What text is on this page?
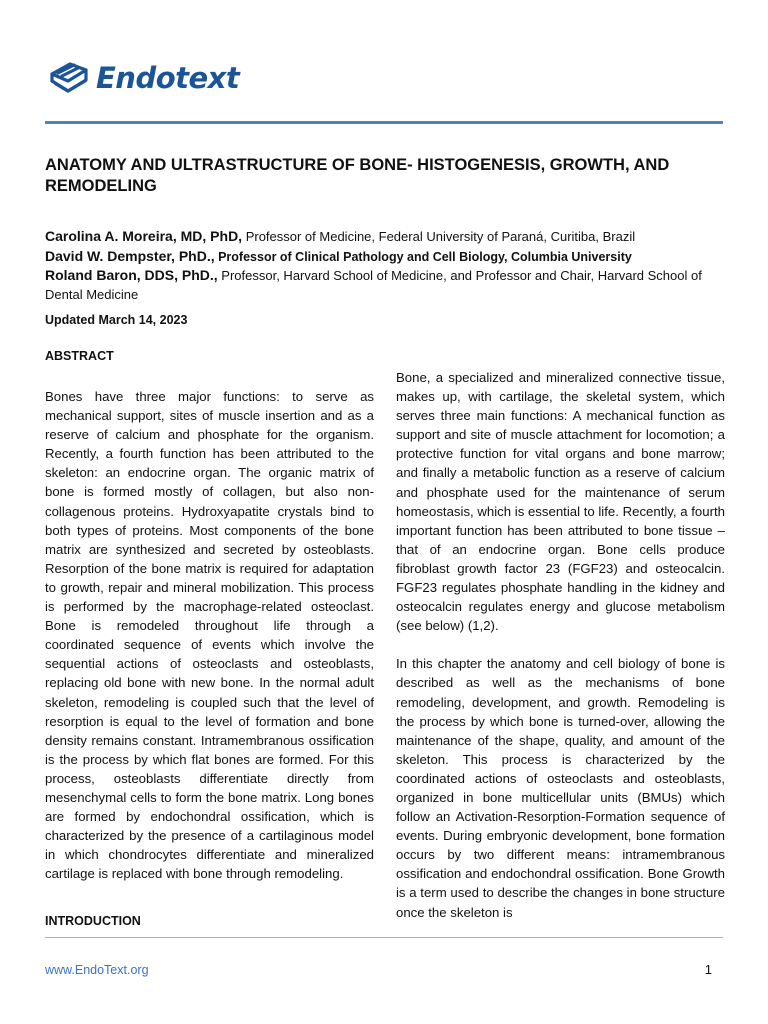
Endotext
ANATOMY AND ULTRASTRUCTURE OF BONE- HISTOGENESIS, GROWTH, AND
REMODELING
Carolina A. Moreira, MD, PhD, Professor of Medicine, Federal University of Paraná, Curitiba, Brazil
David W. Dempster, PhD., Professor of Clinical Pathology and Cell Biology, Columbia University
Roland Baron, DDS, PhD., Professor, Harvard School of Medicine, and Professor and Chair, Harvard School of Dental Medicine
Updated March 14, 2023
ABSTRACT

Bones have three major functions: to serve as mechanical support, sites of muscle insertion and as a reserve of calcium and phosphate for the organism. Recently, a fourth function has been attributed to the skeleton: an endocrine organ. The organic matrix of bone is formed mostly of collagen, but also non-collagenous proteins. Hydroxyapatite crystals bind to both types of proteins. Most components of the bone matrix are synthesized and secreted by osteoblasts. Resorption of the bone matrix is required for adaptation to growth, repair and mineral mobilization. This process is performed by the macrophage-related osteoclast. Bone is remodeled throughout life through a coordinated sequence of events which involve the sequential actions of osteoclasts and osteoblasts, replacing old bone with new bone. In the normal adult skeleton, remodeling is coupled such that the level of resorption is equal to the level of formation and bone density remains constant. Intramembranous ossification is the process by which flat bones are formed. For this process, osteoblasts differentiate directly from mesenchymal cells to form the bone matrix. Long bones are formed by endochondral ossification, which is characterized by the presence of a cartilaginous model in which chondrocytes differentiate and mineralized cartilage is replaced with bone through remodeling.

INTRODUCTION

Bone, a specialized and mineralized connective tissue, makes up, with cartilage, the skeletal system, which serves three main functions: A mechanical function as support and site of muscle attachment for locomotion; a protective function for vital organs and bone marrow; and finally a metabolic function as a reserve of calcium and phosphate used for the maintenance of serum homeostasis, which is essential to life. Recently, a fourth important function has been attributed to bone tissue – that of an endocrine organ. Bone cells produce fibroblast growth factor 23 (FGF23) and osteocalcin. FGF23 regulates phosphate handling in the kidney and osteocalcin regulates energy and glucose metabolism (see below) (1,2).

In this chapter the anatomy and cell biology of bone is described as well as the mechanisms of bone remodeling, development, and growth. Remodeling is the process by which bone is turned-over, allowing the maintenance of the shape, quality, and amount of the skeleton. This process is characterized by the coordinated actions of osteoclasts and osteoblasts, organized in bone multicellular units (BMUs) which follow an Activation-Resorption-Formation sequence of events. During embryonic development, bone formation occurs by two different means: intramembranous ossification and endochondral ossification. Bone Growth is a term used to describe the changes in bone structure once the skeleton is

www.EndoText.org	1
